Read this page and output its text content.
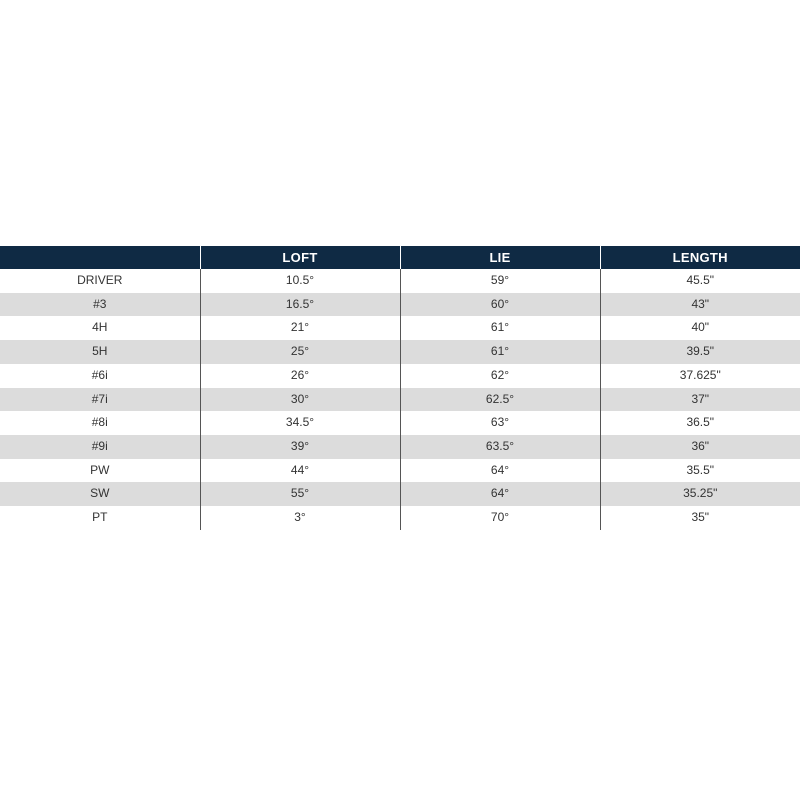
	LOFT	LIE	LENGTH
DRIVER	10.5°	59°	45.5"
#3	16.5°	60°	43"
4H	21°	61°	40"
5H	25°	61°	39.5"
#6i	26°	62°	37.625"
#7i	30°	62.5°	37"
#8i	34.5°	63°	36.5"
#9i	39°	63.5°	36"
PW	44°	64°	35.5"
SW	55°	64°	35.25"
PT	3°	70°	35"
